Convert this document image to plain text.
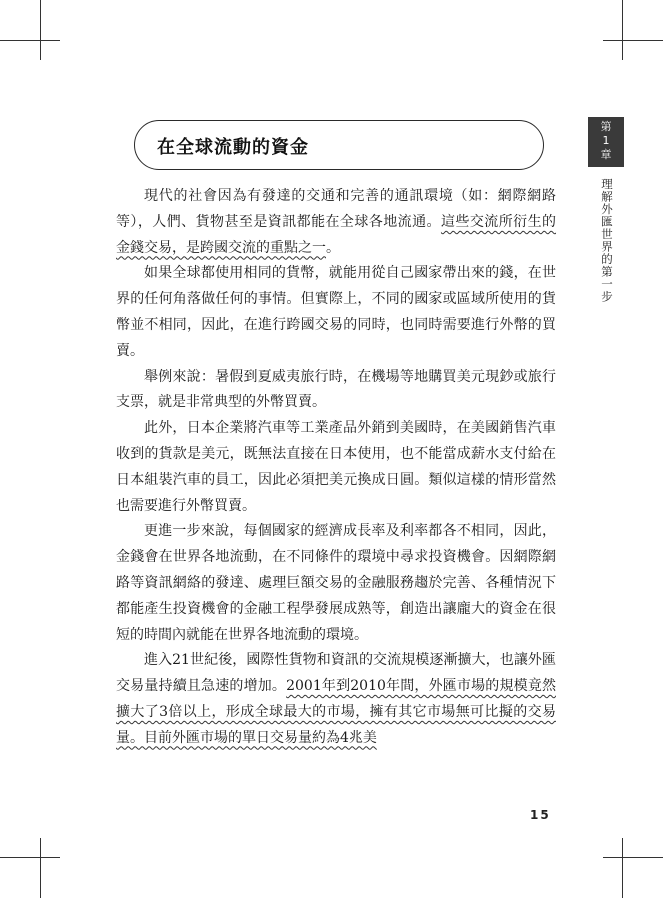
在全球流動的資金
第
1
章
理解外匯世界的第一步

現代的社會因為有發達的交通和完善的通訊環境（如：網際網路等），人們、貨物甚至是資訊都能在全球各地流通。這些交流所衍生的金錢交易，是跨國交流的重點之一。

如果全球都使用相同的貨幣，就能用從自己國家帶出來的錢，在世界的任何角落做任何的事情。但實際上，不同的國家或區域所使用的貨幣並不相同，因此，在進行跨國交易的同時，也同時需要進行外幣的買賣。

舉例來說：暑假到夏威夷旅行時，在機場等地購買美元現鈔或旅行支票，就是非常典型的外幣買賣。

此外，日本企業將汽車等工業產品外銷到美國時，在美國銷售汽車收到的貨款是美元，既無法直接在日本使用，也不能當成薪水支付給在日本組裝汽車的員工，因此必須把美元換成日圓。類似這樣的情形當然也需要進行外幣買賣。

更進一步來說，每個國家的經濟成長率及利率都各不相同，因此，金錢會在世界各地流動，在不同條件的環境中尋求投資機會。因網際網路等資訊網絡的發達、處理巨額交易的金融服務趨於完善、各種情況下都能產生投資機會的金融工程學發展成熟等，創造出讓龐大的資金在很短的時間內就能在世界各地流動的環境。

進入21世紀後，國際性貨物和資訊的交流規模逐漸擴大，也讓外匯交易量持續且急速的增加。2001年到2010年間，外匯市場的規模竟然擴大了3倍以上，形成全球最大的市場，擁有其它市場無可比擬的交易量。目前外匯市場的單日交易量約為4兆美

15
